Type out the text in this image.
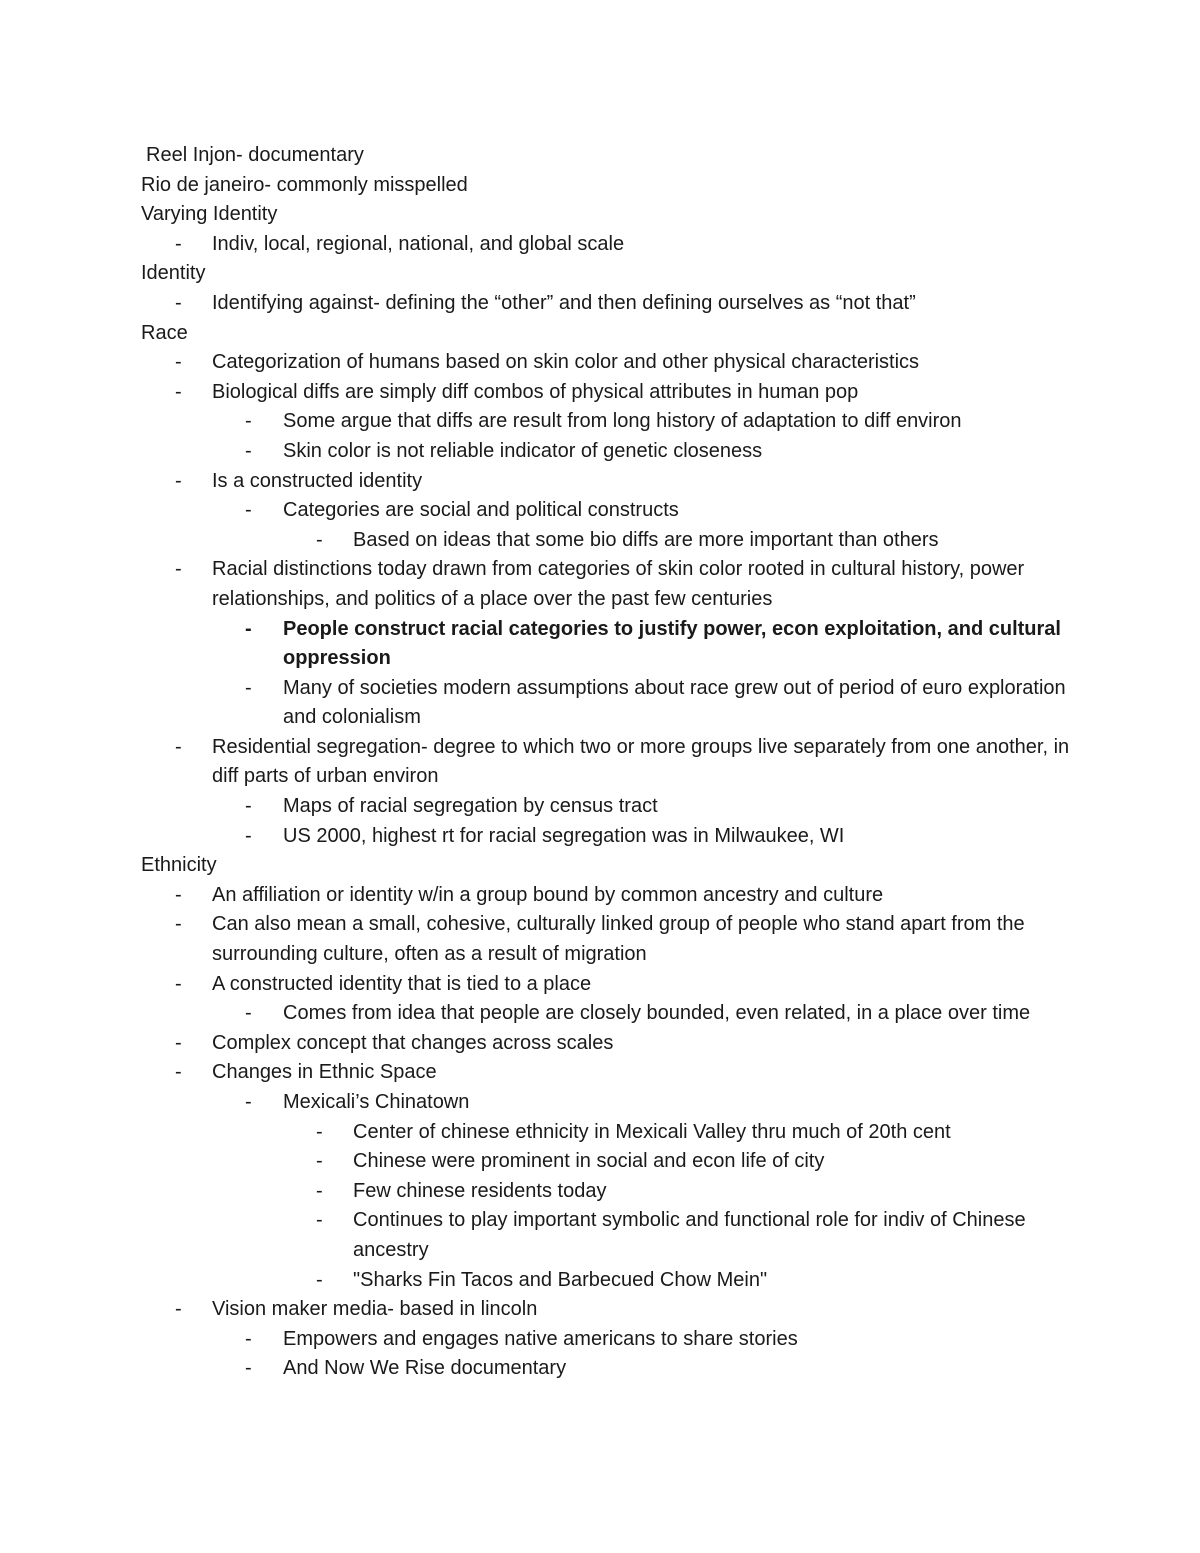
Reel Injon- documentary
Rio de janeiro- commonly misspelled
Varying Identity
- Indiv, local, regional, national, and global scale
Identity
- Identifying against- defining the “other” and then defining ourselves as “not that”
Race
- Categorization of humans based on skin color and other physical characteristics
- Biological diffs are simply diff combos of physical attributes in human pop
- Some argue that diffs are result from long history of adaptation to diff environ
- Skin color is not reliable indicator of genetic closeness
- Is a constructed identity
- Categories are social and political constructs
- Based on ideas that some bio diffs are more important than others
- Racial distinctions today drawn from categories of skin color rooted in cultural history, power relationships, and politics of a place over the past few centuries
- People construct racial categories to justify power, econ exploitation, and cultural oppression
- Many of societies modern assumptions about race grew out of period of euro exploration and colonialism
- Residential segregation- degree to which two or more groups live separately from one another, in diff parts of urban environ
- Maps of racial segregation by census tract
- US 2000, highest rt for racial segregation was in Milwaukee, WI
Ethnicity
- An affiliation or identity w/in a group bound by common ancestry and culture
- Can also mean a small, cohesive, culturally linked group of people who stand apart from the surrounding culture, often as a result of migration
- A constructed identity that is tied to a place
- Comes from idea that people are closely bounded, even related, in a place over time
- Complex concept that changes across scales
- Changes in Ethnic Space
- Mexicali’s Chinatown
- Center of chinese ethnicity in Mexicali Valley thru much of 20th cent
- Chinese were prominent in social and econ life of city
- Few chinese residents today
- Continues to play important symbolic and functional role for indiv of Chinese ancestry
- "Sharks Fin Tacos and Barbecued Chow Mein"
- Vision maker media- based in lincoln
- Empowers and engages native americans to share stories
- And Now We Rise documentary
